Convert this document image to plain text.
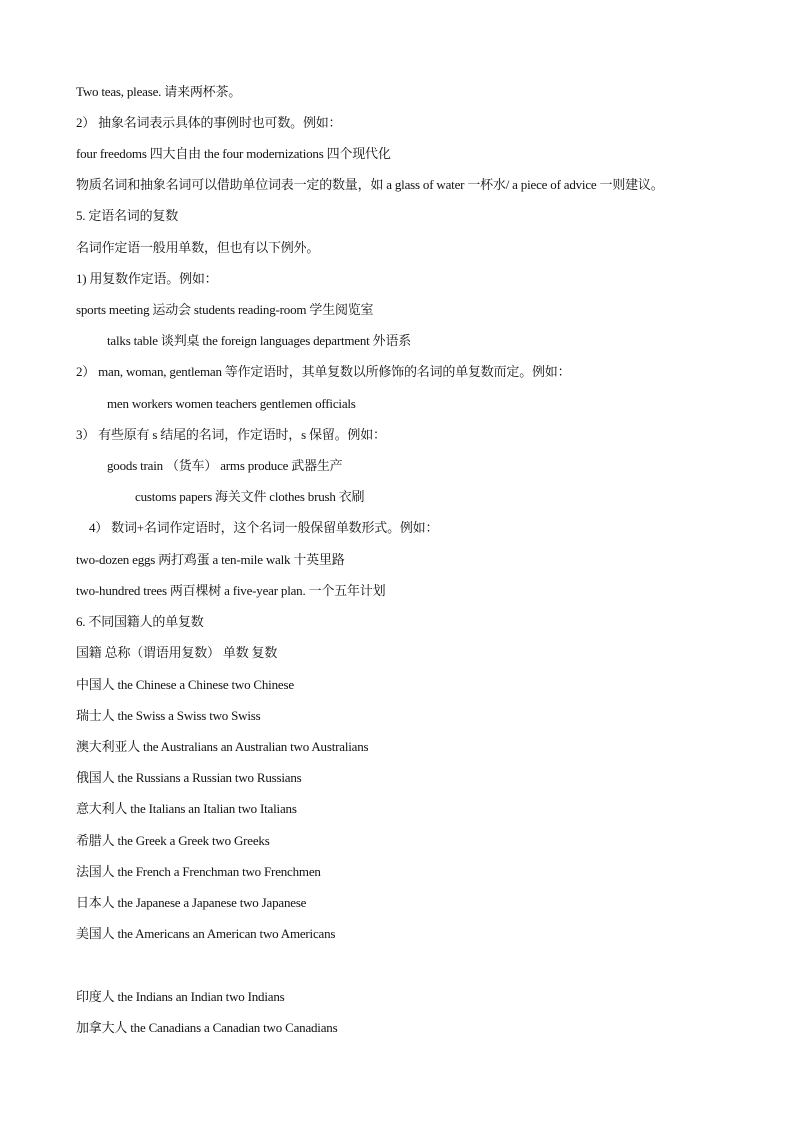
Two teas, please. 请来两杯茶。
2） 抽象名词表示具体的事例时也可数。例如：
four freedoms 四大自由 the four modernizations 四个现代化
物质名词和抽象名词可以借助单位词表一定的数量，如 a glass of water 一杯水/ a piece of advice 一则建议。
5. 定语名词的复数
名词作定语一般用单数，但也有以下例外。
1) 用复数作定语。例如：
sports meeting 运动会 students reading-room 学生阅览室
talks table 谈判桌 the foreign languages department 外语系
2） man, woman, gentleman 等作定语时，其单复数以所修饰的名词的单复数而定。例如：
men workers women teachers gentlemen officials
3） 有些原有 s 结尾的名词，作定语时，s 保留。例如：
goods train （货车） arms produce 武器生产
customs papers 海关文件 clothes brush 衣刷
4） 数词+名词作定语时，这个名词一般保留单数形式。例如：
two-dozen eggs 两打鸡蛋 a ten-mile walk 十英里路
two-hundred trees 两百棵树 a five-year plan. 一个五年计划
6. 不同国籍人的单复数
国籍 总称（谓语用复数） 单数 复数
中国人 the Chinese a Chinese two Chinese
瑞士人 the Swiss a Swiss two Swiss
澳大利亚人 the Australians an Australian two Australians
俄国人 the Russians a Russian two Russians
意大利人 the Italians an Italian two Italians
希腊人 the Greek a Greek two Greeks
法国人 the French a Frenchman two Frenchmen
日本人 the Japanese a Japanese two Japanese
美国人 the Americans an American two Americans
印度人 the Indians an Indian two Indians
加拿大人 the Canadians a Canadian two Canadians
